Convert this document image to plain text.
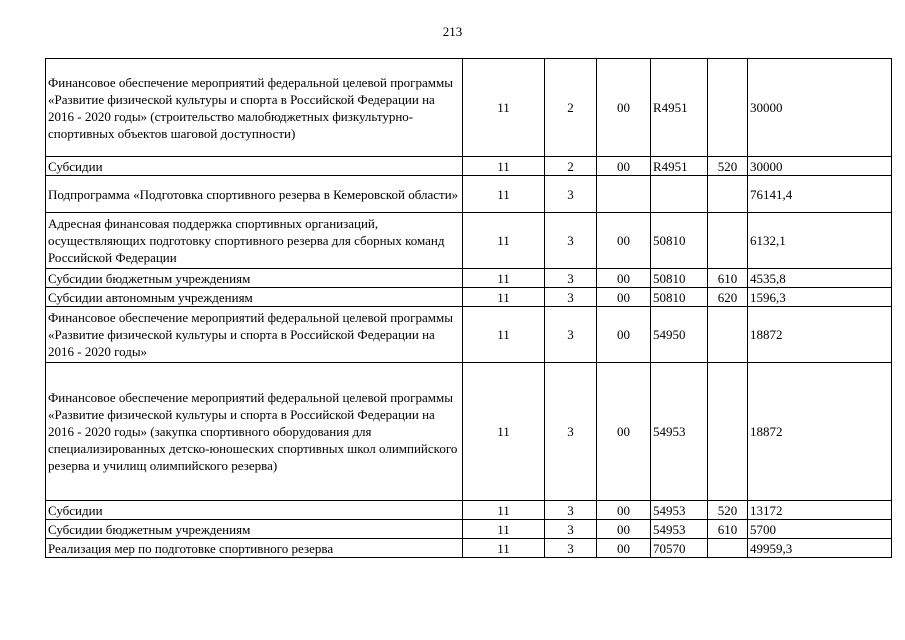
213
Финансовое обеспечение мероприятий федеральной целевой программы «Развитие физической культуры и спорта в Российской Федерации на 2016 - 2020 годы» (строительство малобюджетных физкультурно-спортивных объектов шаговой доступности)	11	2	00	R4951		30000
Субсидии	11	2	00	R4951	520	30000
Подпрограмма «Подготовка спортивного резерва в Кемеровской области»	11	3				76141,4
Адресная финансовая поддержка спортивных организаций, осуществляющих подготовку спортивного резерва для сборных команд Российской Федерации	11	3	00	50810		6132,1
Субсидии бюджетным учреждениям	11	3	00	50810	610	4535,8
Субсидии автономным учреждениям	11	3	00	50810	620	1596,3
Финансовое обеспечение мероприятий федеральной целевой программы «Развитие физической культуры и спорта в Российской Федерации на 2016 - 2020 годы»	11	3	00	54950		18872
Финансовое обеспечение мероприятий федеральной целевой программы «Развитие физической культуры и спорта в Российской Федерации на 2016 - 2020 годы» (закупка спортивного оборудования для специализированных детско-юношеских спортивных школ олимпийского резерва и училищ олимпийского резерва)	11	3	00	54953		18872
Субсидии	11	3	00	54953	520	13172
Субсидии бюджетным учреждениям	11	3	00	54953	610	5700
Реализация мер по подготовке спортивного резерва	11	3	00	70570		49959,3
